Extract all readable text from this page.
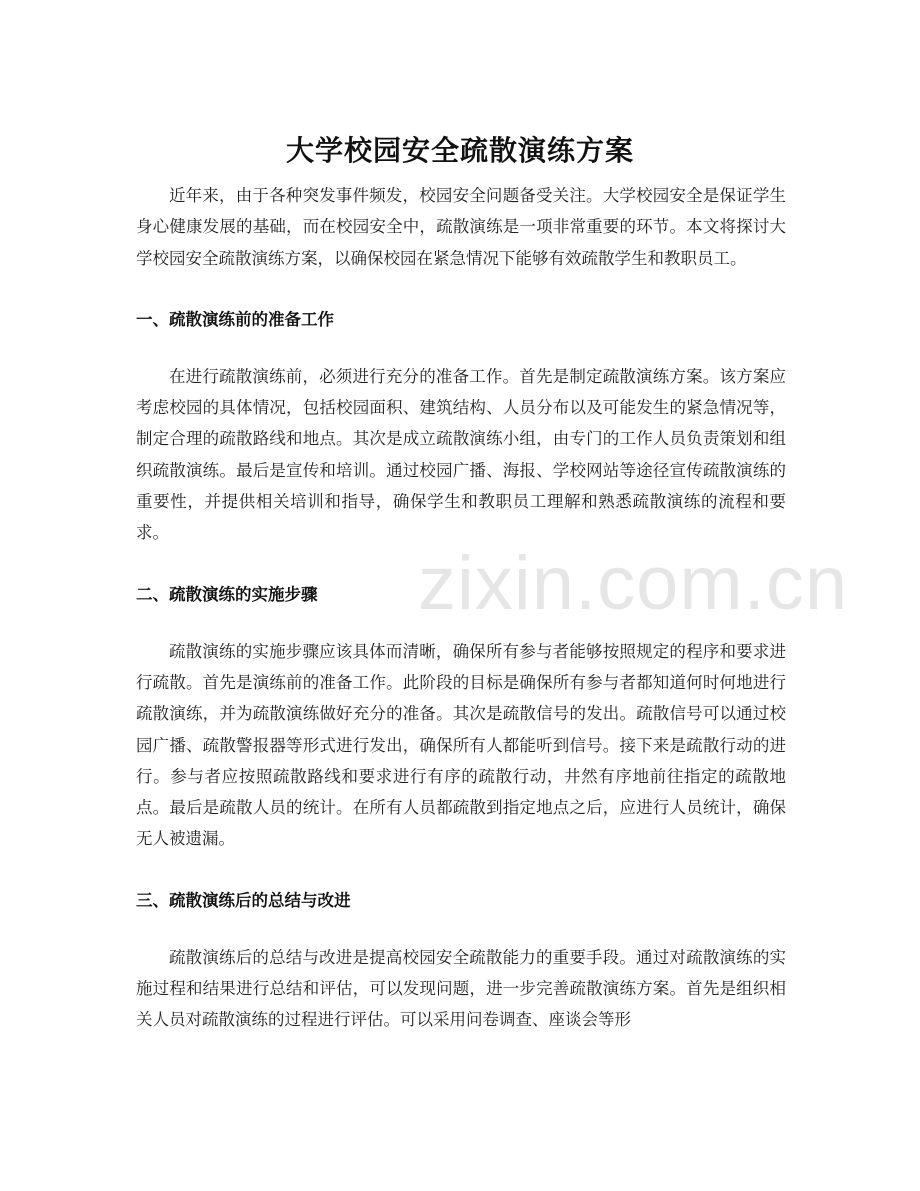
大学校园安全疏散演练方案

近年来，由于各种突发事件频发，校园安全问题备受关注。大学校园安全是保证学生身心健康发展的基础，而在校园安全中，疏散演练是一项非常重要的环节。本文将探讨大学校园安全疏散演练方案，以确保校园在紧急情况下能够有效疏散学生和教职员工。

一、疏散演练前的准备工作

在进行疏散演练前，必须进行充分的准备工作。首先是制定疏散演练方案。该方案应考虑校园的具体情况，包括校园面积、建筑结构、人员分布以及可能发生的紧急情况等，制定合理的疏散路线和地点。其次是成立疏散演练小组，由专门的工作人员负责策划和组织疏散演练。最后是宣传和培训。通过校园广播、海报、学校网站等途径宣传疏散演练的重要性，并提供相关培训和指导，确保学生和教职员工理解和熟悉疏散演练的流程和要求。

二、疏散演练的实施步骤

疏散演练的实施步骤应该具体而清晰，确保所有参与者能够按照规定的程序和要求进行疏散。首先是演练前的准备工作。此阶段的目标是确保所有参与者都知道何时何地进行疏散演练，并为疏散演练做好充分的准备。其次是疏散信号的发出。疏散信号可以通过校园广播、疏散警报器等形式进行发出，确保所有人都能听到信号。接下来是疏散行动的进行。参与者应按照疏散路线和要求进行有序的疏散行动，井然有序地前往指定的疏散地点。最后是疏散人员的统计。在所有人员都疏散到指定地点之后，应进行人员统计，确保无人被遗漏。

三、疏散演练后的总结与改进

疏散演练后的总结与改进是提高校园安全疏散能力的重要手段。通过对疏散演练的实施过程和结果进行总结和评估，可以发现问题，进一步完善疏散演练方案。首先是组织相关人员对疏散演练的过程进行评估。可以采用问卷调查、座谈会等形

zixin.com.cn
